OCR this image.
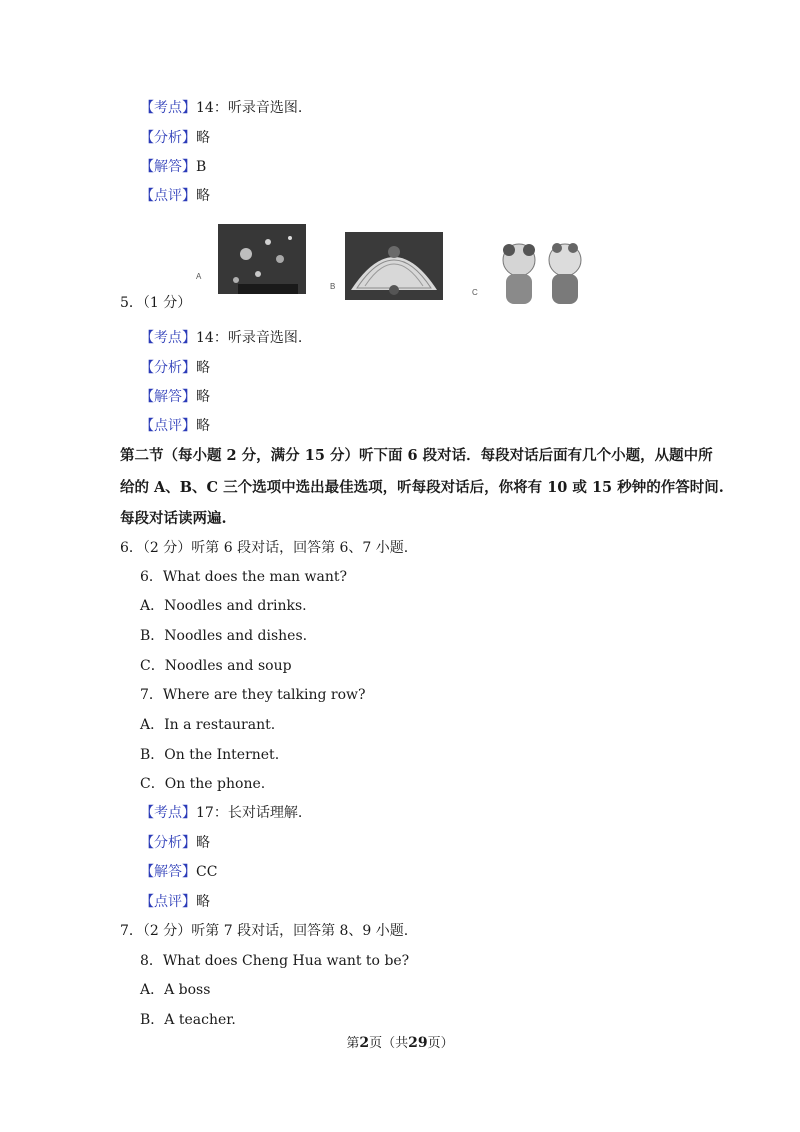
【考点】14：听录音选图.
【分析】略
【解答】B
【点评】略
A
B
C
5．（1 分）
【考点】14：听录音选图.
【分析】略
【解答】略
【点评】略
第二节（每小题 2 分，满分 15 分）听下面 6 段对话．每段对话后面有几个小题，从题中所
给的 A、B、C 三个选项中选出最佳选项，听每段对话后，你将有 10 或 15 秒钟的作答时间.
每段对话读两遍.
6．（2 分）听第 6 段对话，回答第 6、7 小题.
6．What does the man want?
A．Noodles and drinks.
B．Noodles and dishes.
C．Noodles and soup
7．Where are they talking row?
A．In a restaurant.
B．On the Internet.
C．On the phone.
【考点】17：长对话理解.
【分析】略
【解答】CC
【点评】略
7．（2 分）听第 7 段对话，回答第 8、9 小题.
8．What does Cheng Hua want to be?
A．A boss
B．A teacher.
第2页（共29页）
